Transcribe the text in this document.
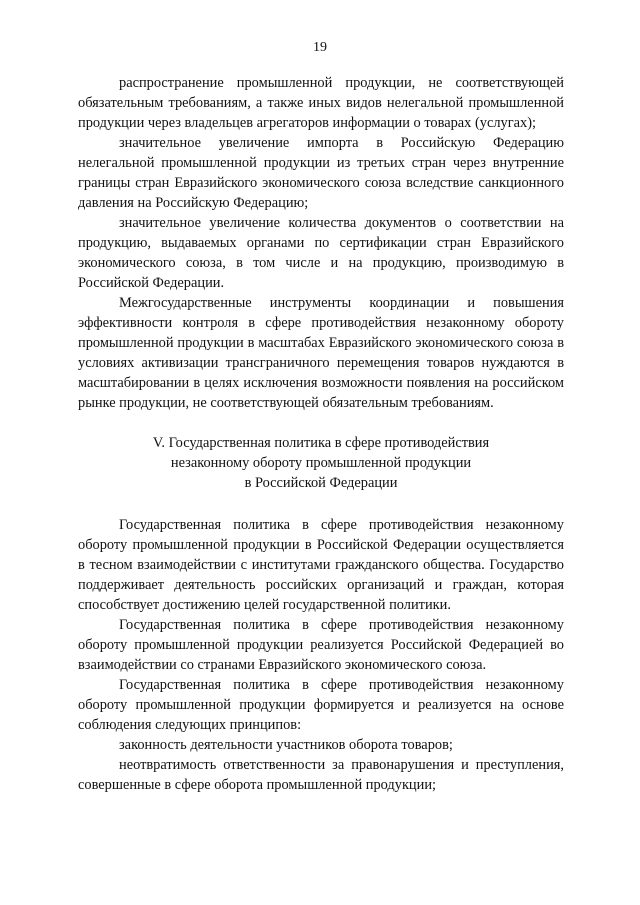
19

распространение промышленной продукции, не соответствующей обязательным требованиям, а также иных видов нелегальной промышленной продукции через владельцев агрегаторов информации о товарах (услугах);

значительное увеличение импорта в Российскую Федерацию нелегальной промышленной продукции из третьих стран через внутренние границы стран Евразийского экономического союза вследствие санкционного давления на Российскую Федерацию;

значительное увеличение количества документов о соответствии на продукцию, выдаваемых органами по сертификации стран Евразийского экономического союза, в том числе и на продукцию, производимую в Российской Федерации.

Межгосударственные инструменты координации и повышения эффективности контроля в сфере противодействия незаконному обороту промышленной продукции в масштабах Евразийского экономического союза в условиях активизации трансграничного перемещения товаров нуждаются в масштабировании в целях исключения возможности появления на российском рынке продукции, не соответствующей обязательным требованиям.

V. Государственная политика в сфере противодействия
незаконному обороту промышленной продукции
в Российской Федерации

Государственная политика в сфере противодействия незаконному обороту промышленной продукции в Российской Федерации осуществляется в тесном взаимодействии с институтами гражданского общества. Государство поддерживает деятельность российских организаций и граждан, которая способствует достижению целей государственной политики.

Государственная политика в сфере противодействия незаконному обороту промышленной продукции реализуется Российской Федерацией во взаимодействии со странами Евразийского экономического союза.

Государственная политика в сфере противодействия незаконному обороту промышленной продукции формируется и реализуется на основе соблюдения следующих принципов:

законность деятельности участников оборота товаров;

неотвратимость ответственности за правонарушения и преступления, совершенные в сфере оборота промышленной продукции;
